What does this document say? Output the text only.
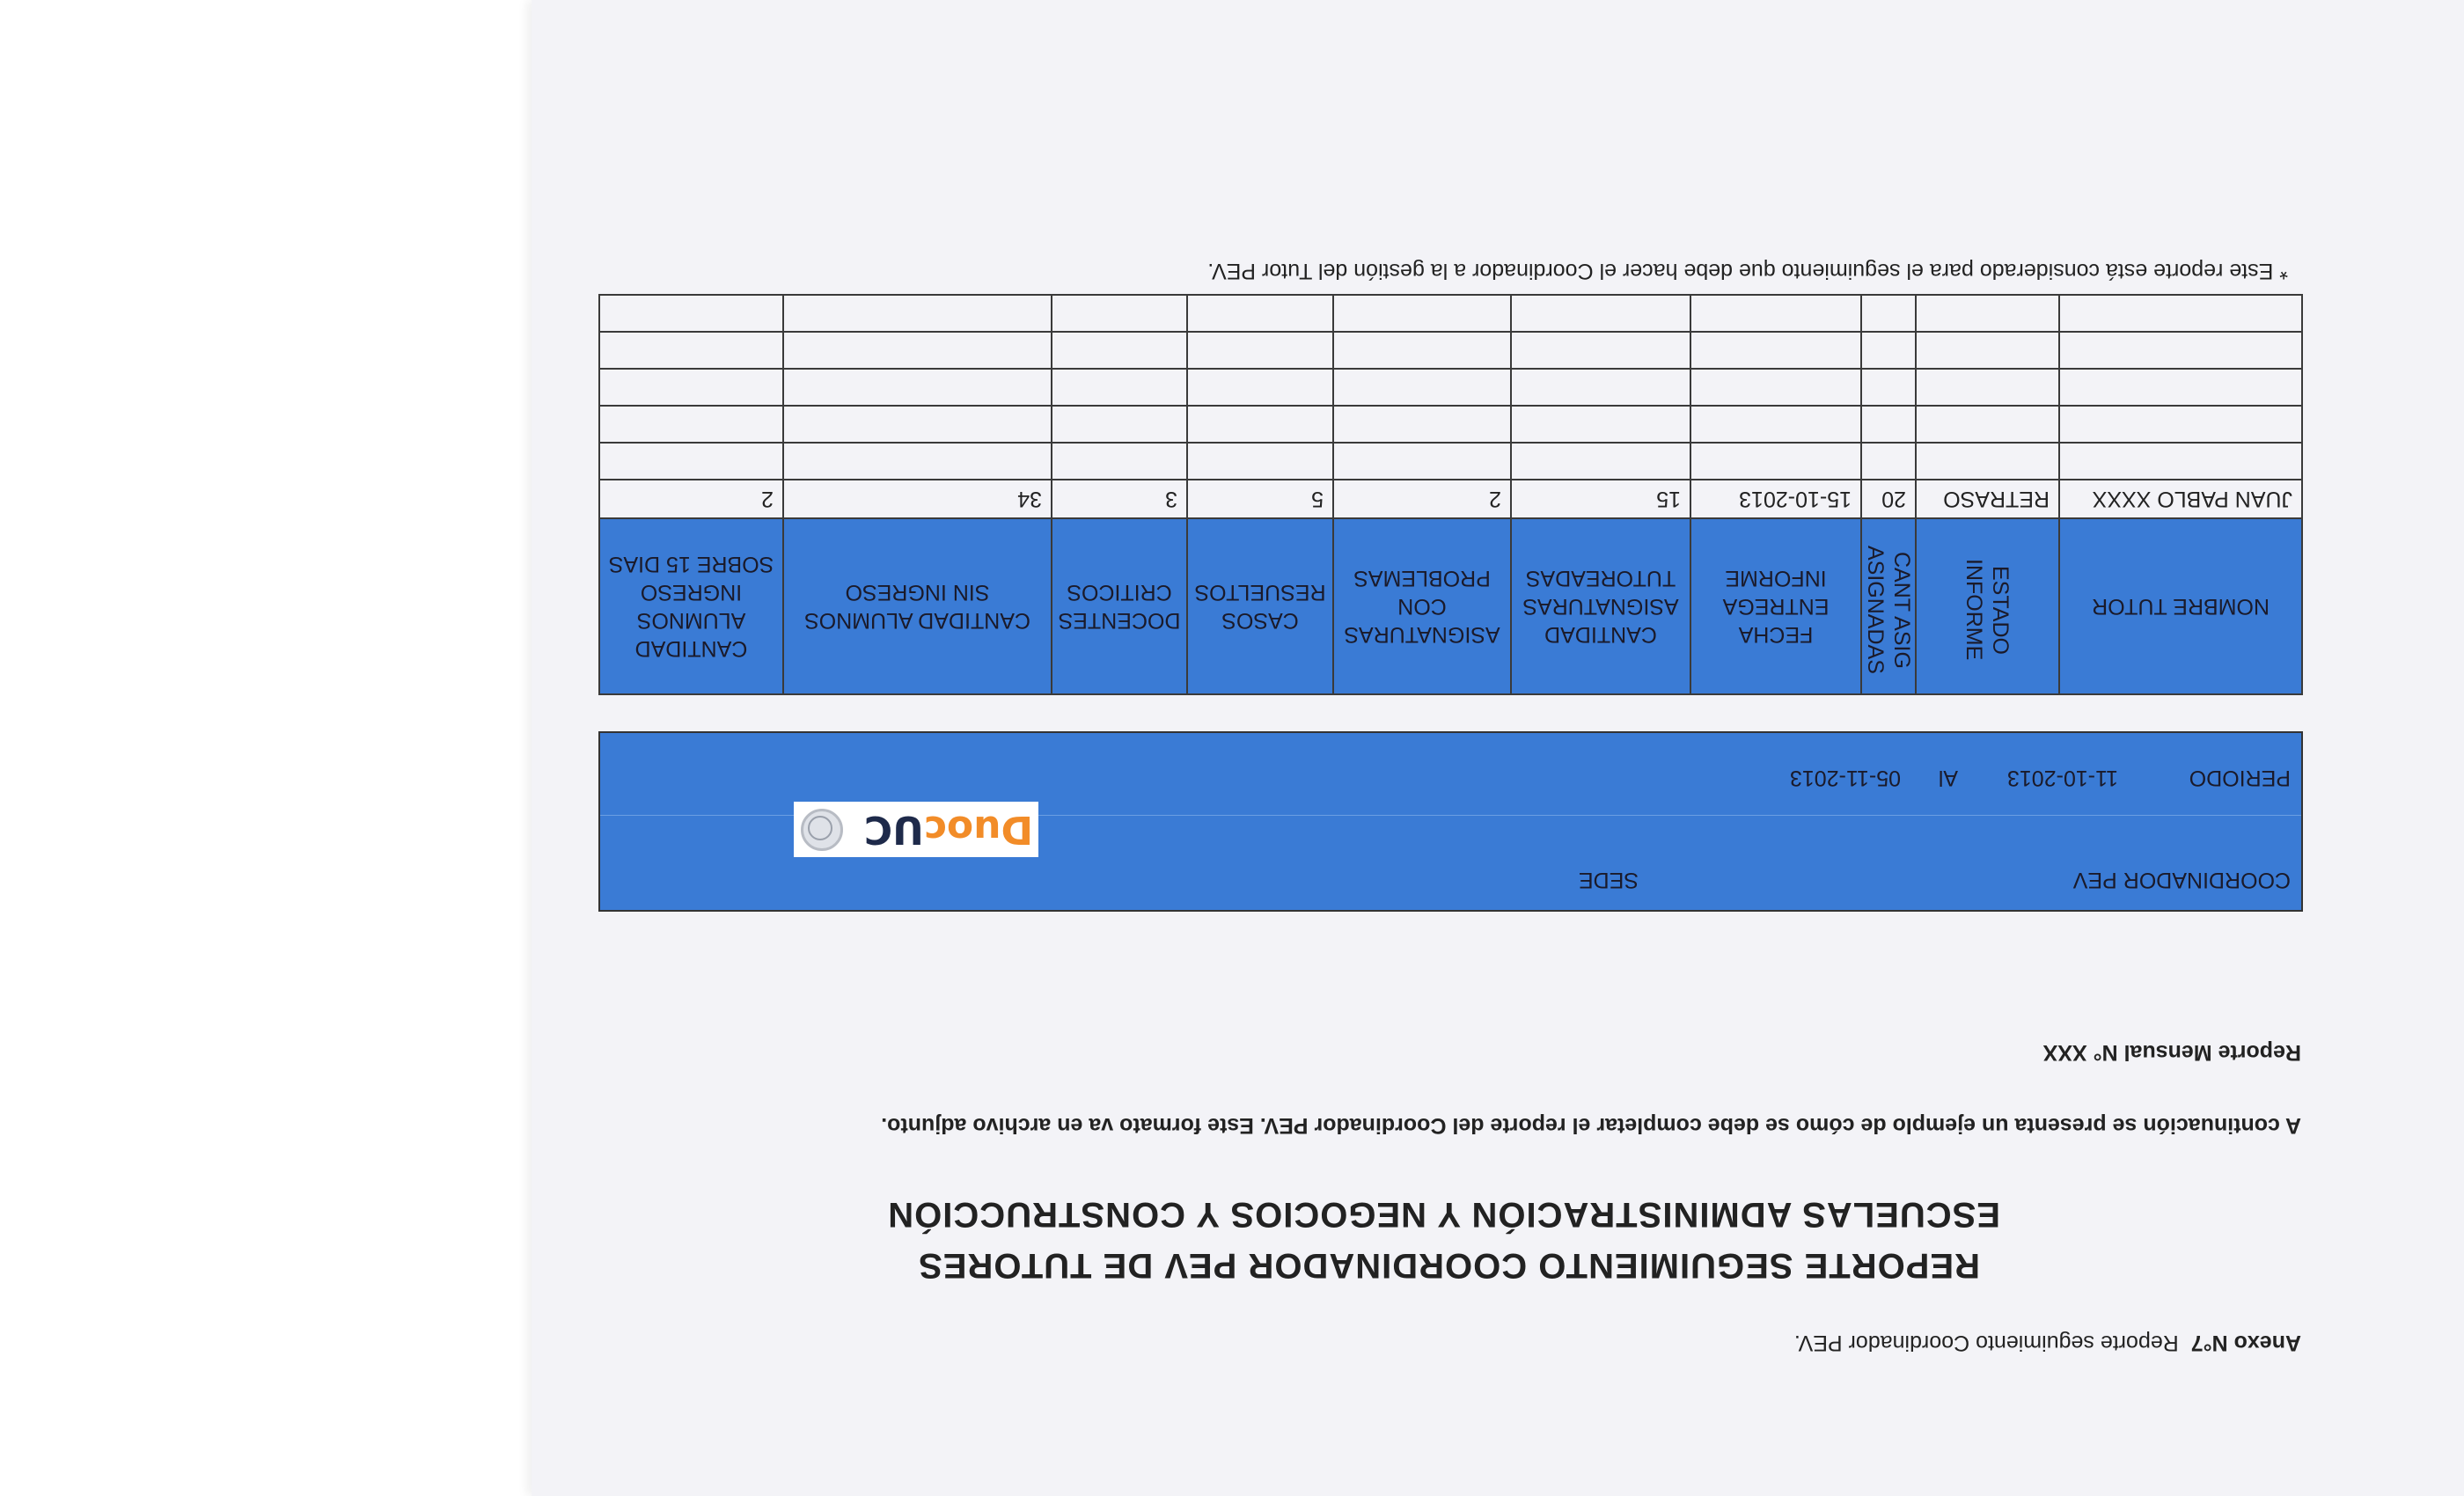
Anexo N°7  Reporte seguimiento Coordinador PEV.
REPORTE SEGUIMIENTO COORDINADOR PEV DE TUTORES
ESCUELAS ADMINISTRACIÓN Y NEGOCIOS Y CONSTRUCCIÓN
A continuación se presenta un ejemplo de cómo se debe completar el reporte del Coordinador PEV. Este formato va en archivo adjunto.
Reporte Mensual N° XXX
COORDINADOR PEV
SEDE
PERIODO
11-10-2013
Al
05-11-2013
DuocUC
NOMBRE TUTOR	ESTADO INFORME	CANT ASIG ASIGNADAS	FECHA ENTREGA INFORME	CANTIDAD ASIGNATURAS TUTOREADAS	ASIGNATURAS CON PROBLEMAS	CASOS RESUELTOS	DOCENTES CRITICOS	CANTIDAD ALUMNOS SIN INGRESO	CANTIDAD ALUMNOS INGRESO SOBRE 15 DIAS
JUAN PABLO XXXX	RETRASO	20	15-10-2013	15	2	5	3	34	2

* Este reporte está considerado para el seguimiento que debe hacer el Coordinador a la gestión del Tutor PEV.
